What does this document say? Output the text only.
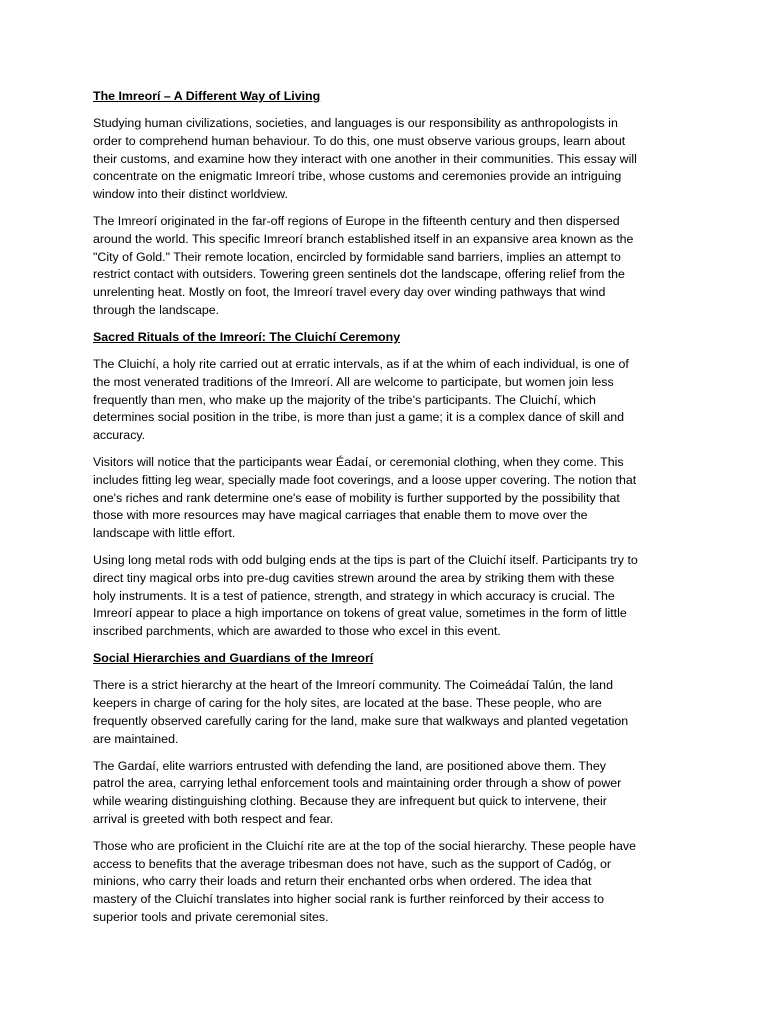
The Imreorí – A Different Way of Living
Studying human civilizations, societies, and languages is our responsibility as anthropologists in
order to comprehend human behaviour. To do this, one must observe various groups, learn about
their customs, and examine how they interact with one another in their communities. This essay will
concentrate on the enigmatic Imreorí tribe, whose customs and ceremonies provide an intriguing
window into their distinct worldview.
The Imreorí originated in the far-off regions of Europe in the fifteenth century and then dispersed
around the world. This specific Imreorí branch established itself in an expansive area known as the
"City of Gold." Their remote location, encircled by formidable sand barriers, implies an attempt to
restrict contact with outsiders. Towering green sentinels dot the landscape, offering relief from the
unrelenting heat. Mostly on foot, the Imreorí travel every day over winding pathways that wind
through the landscape.
Sacred Rituals of the Imreorí: The Cluichí Ceremony
The Cluichí, a holy rite carried out at erratic intervals, as if at the whim of each individual, is one of
the most venerated traditions of the Imreorí. All are welcome to participate, but women join less
frequently than men, who make up the majority of the tribe's participants. The Cluichí, which
determines social position in the tribe, is more than just a game; it is a complex dance of skill and
accuracy.
Visitors will notice that the participants wear Éadaí, or ceremonial clothing, when they come. This
includes fitting leg wear, specially made foot coverings, and a loose upper covering. The notion that
one's riches and rank determine one's ease of mobility is further supported by the possibility that
those with more resources may have magical carriages that enable them to move over the
landscape with little effort.
Using long metal rods with odd bulging ends at the tips is part of the Cluichí itself. Participants try to
direct tiny magical orbs into pre-dug cavities strewn around the area by striking them with these
holy instruments. It is a test of patience, strength, and strategy in which accuracy is crucial. The
Imreorí appear to place a high importance on tokens of great value, sometimes in the form of little
inscribed parchments, which are awarded to those who excel in this event.
Social Hierarchies and Guardians of the Imreorí
There is a strict hierarchy at the heart of the Imreorí community. The Coimeádaí Talún, the land
keepers in charge of caring for the holy sites, are located at the base. These people, who are
frequently observed carefully caring for the land, make sure that walkways and planted vegetation
are maintained.
The Gardaí, elite warriors entrusted with defending the land, are positioned above them. They
patrol the area, carrying lethal enforcement tools and maintaining order through a show of power
while wearing distinguishing clothing. Because they are infrequent but quick to intervene, their
arrival is greeted with both respect and fear.
Those who are proficient in the Cluichí rite are at the top of the social hierarchy. These people have
access to benefits that the average tribesman does not have, such as the support of Cadóg, or
minions, who carry their loads and return their enchanted orbs when ordered. The idea that
mastery of the Cluichí translates into higher social rank is further reinforced by their access to
superior tools and private ceremonial sites.
